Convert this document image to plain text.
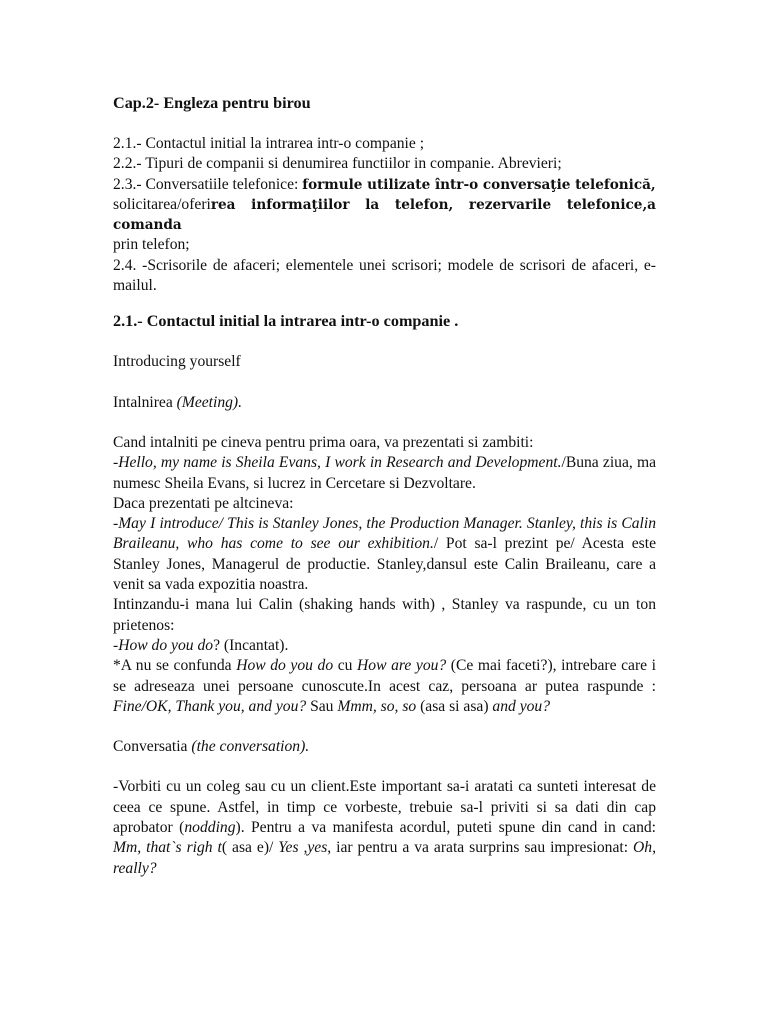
Cap.2- Engleza pentru birou

2.1.- Contactul initial la intrarea intr-o companie ;

2.2.- Tipuri de companii si denumirea functiilor in companie. Abrevieri;

2.3.- Conversatiile telefonice: formule utilizate într-o conversaţie telefonică,
solicitarea/oferirea informaţiilor la telefon, rezervarile telefonice,a comanda
prin telefon;

2.4. -Scrisorile de afaceri; elementele unei scrisori; modele de scrisori de afaceri, e-mailul.

2.1.- Contactul initial la intrarea intr-o companie .

Introducing yourself

Intalnirea (Meeting).

Cand intalniti pe cineva pentru prima oara, va prezentati si zambiti:

-Hello, my name is Sheila Evans, I work in Research and Development./Buna ziua, ma numesc Sheila Evans, si lucrez in Cercetare si Dezvoltare.

Daca prezentati pe altcineva:

-May I introduce/ This is Stanley Jones, the Production Manager. Stanley, this is Calin Braileanu, who has come to see our exhibition./ Pot sa-l prezint pe/ Acesta este Stanley Jones, Managerul de productie. Stanley,dansul este Calin Braileanu, care a venit sa vada expozitia noastra.

Intinzandu-i mana lui Calin (shaking hands with) , Stanley va raspunde, cu un ton prietenos:

-How do you do? (Incantat).

*A nu se confunda How do you do cu How are you? (Ce mai faceti?), intrebare care i se adreseaza unei persoane cunoscute.In acest caz, persoana ar putea raspunde : Fine/OK, Thank you, and you? Sau Mmm, so, so (asa si asa) and you?

Conversatia (the conversation).

-Vorbiti cu un coleg sau cu un client.Este important sa-i aratati ca sunteti interesat de ceea ce spune. Astfel, in timp ce vorbeste, trebuie sa-l priviti si sa dati din cap aprobator (nodding). Pentru a va manifesta acordul, puteti spune din cand in cand: Mm, that`s righ t( asa e)/ Yes ,yes, iar pentru a va arata surprins sau impresionat: Oh, really?
